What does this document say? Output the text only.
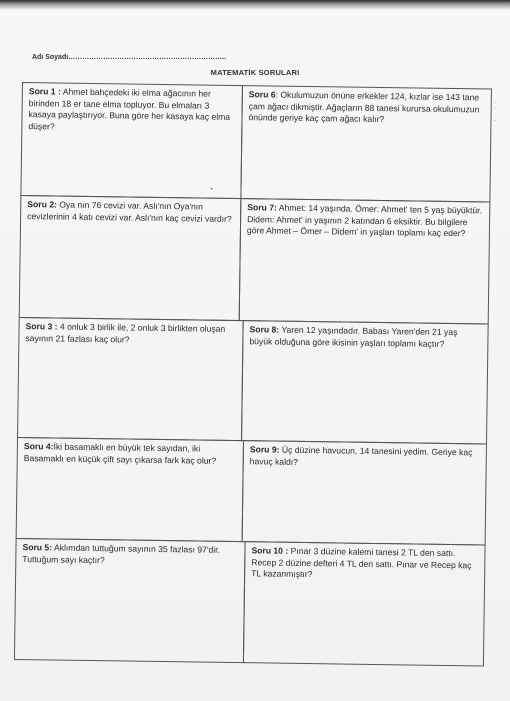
Adı Soyadı…………………………………………………………..
MATEMATİK SORULARI
·
·

·
Soru 1 : Ahmet bahçedeki iki elma ağacının her birinden 18 er tane elma topluyor. Bu elmaları 3 kasaya paylaştırıyor. Buna göre her kasaya kaç elma düşer?
Soru 6: Okulumuzun önüne erkekler 124, kızlar ise 143 tane çam ağacı dikmiştir. Ağaçların 88 tanesi kurursa okulumuzun önünde geriye kaç çam ağacı kalır?
Soru 2: Oya nın 76 cevizi var. Aslı'nın Oya'nın cevizlerinin 4 katı cevizi var. Aslı'nın kaç cevizi vardır?
Soru 7: Ahmet: 14 yaşında. Ömer: Ahmet' ten 5 yaş büyüktür. Didem: Ahmet' in yaşının 2 katından 6 eksiktir. Bu bilgilere göre Ahmet – Ömer – Didem' in yaşları toplamı kaç eder?
Soru 3 : 4 onluk 3 birlik ile, 2 onluk 3 birlikten oluşan sayının 21 fazlası kaç olur?
Soru 8: Yaren 12 yaşındadır. Babası Yaren'den 21 yaş büyük olduğuna göre ikisinin yaşları toplamı kaçtır?
Soru 4:İki basamaklı en büyük tek sayıdan, iki Basamaklı en küçük çift sayı çıkarsa fark kaç olur?
Soru 9: Üç düzine havucun, 14 tanesini yedim. Geriye kaç havuç kaldı?
Soru 5: Aklımdan tuttuğum sayının 35 fazlası 97'dir. Tuttuğum sayı kaçtır?
Soru 10 : Pınar 3 düzine kalemi tanesi 2 TL den sattı. Recep 2 düzine defteri 4 TL den sattı. Pınar ve Recep kaç TL kazanmıştır?
▪
